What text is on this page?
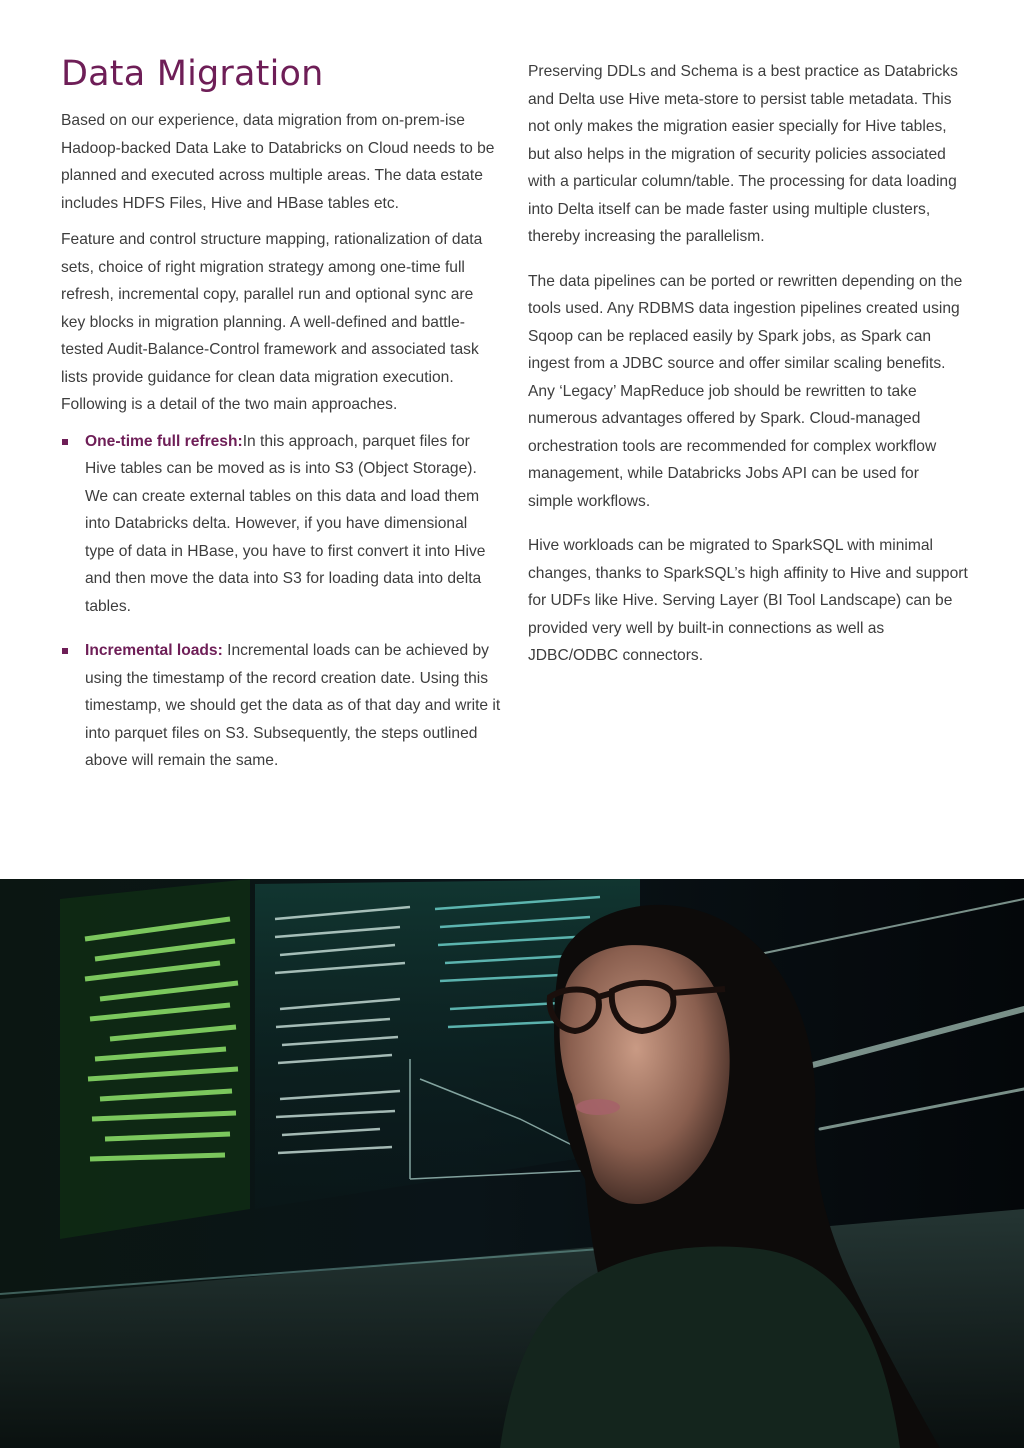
Data Migration

Based on our experience, data migration from on-prem-ise Hadoop-backed Data Lake to Databricks on Cloud needs to be planned and executed across multiple areas. The data estate includes HDFS Files, Hive and HBase tables etc.

Feature and control structure mapping, rationalization of data sets, choice of right migration strategy among one-time full refresh, incremental copy, parallel run and optional sync are key blocks in migration planning. A well-defined and battle-tested Audit-Balance-Control framework and associated task lists provide guidance for clean data migration execution. Following is a detail of the two main approaches.

One-time full refresh:In this approach, parquet files for Hive tables can be moved as is into S3 (Object Storage). We can create external tables on this data and load them into Databricks delta. However, if you have dimensional type of data in HBase, you have to first convert it into Hive and then move the data into S3 for loading data into delta tables.
Incremental loads: Incremental loads can be achieved by using the timestamp of the record creation date. Using this timestamp, we should get the data as of that day and write it into parquet files on S3. Subsequently, the steps outlined above will remain the same.

Preserving DDLs and Schema is a best practice as Databricks and Delta use Hive meta-store to persist table metadata. This not only makes the migration easier specially for Hive tables, but also helps in the migration of security policies associated with a particular column/table. The processing for data loading into Delta itself can be made faster using multiple clusters, thereby increasing the parallelism.

The data pipelines can be ported or rewritten depending on the tools used. Any RDBMS data ingestion pipelines created using Sqoop can be replaced easily by Spark jobs, as Spark can ingest from a JDBC source and offer similar scaling benefits. Any ‘Legacy’ MapReduce job should be rewritten to take numerous advantages offered by Spark. Cloud-managed orchestration tools are recommended for complex workflow management, while Databricks Jobs API can be used for simple workflows.

Hive workloads can be migrated to SparkSQL with minimal changes, thanks to SparkSQL’s high affinity to Hive and support for UDFs like Hive. Serving Layer (BI Tool Landscape) can be provided very well by built-in connections as well as JDBC/ODBC connectors.
